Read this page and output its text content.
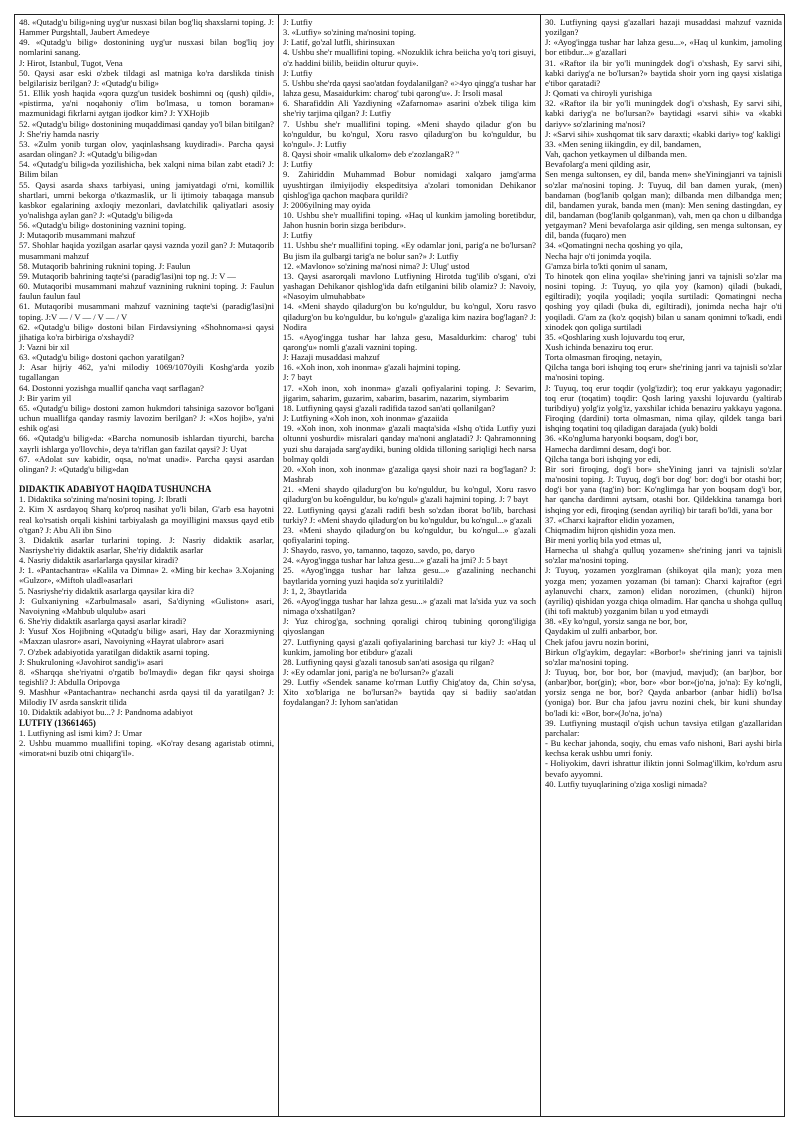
48. «Qutadg'u bilig»ning uyg'ur nusxasi bilan bog'liq shaxslarni toping. J: Hammer Purgshtall, Jaubert Amedeye

49. «Qutadg'u bilig» dostonining uyg'ur nusxasi bilan bog'liq joy nomlarini sanang.

J: Hirot, Istanbul, Tugot, Vena

50. Qaysi asar eski o'zbek tildagi asl matniga ko'ra darslikda tinish belgilarisiz berilgan? J: «Qutadg'u bilig»

51. Ellik yosh haqida «qora quzg'un tusidek boshimni oq (qush) qildi», «pistirma, ya'ni noqahoniy o'lim bo'lmasa, u tomon boraman» mazmunidagi fikrlarni aytgan ijodkor kim? J: YXHojib

52. «Qutadg'u bilig» dostonining muqaddimasi qanday yo'l bilan bitilgan? J: She'riy hamda nasriy

53. «Zulm yonib turgan olov, yaqinlashsang kuydiradi». Parcha qaysi asardan olingan? J: «Qutadg'u bilig»dan

54. «Qutadg'u bilig»da yozilishicha, bek xalqni nima bilan zabt etadi? J: Bilim bilan

55. Qaysi asarda shaxs tarbiyasi, uning jamiyatdagi o'rni, komillik shartlari, umrni bekorga o'tkazmaslik, ur li ijtimoiy tabaqaga mansub kasbkor egalarining axloqiy mezonlari, davlatchilik qaliyatlari asosiy yo'nalishga aylan gan? J: «Qutadg'u bilig»da

56. «Qutadg'u bilig» dostonining vaznini toping.

J: Mutaqorib musammani mahzuf

57. Shohlar haqida yozilgan asarlar qaysi vaznda yozil gan? J: Mutaqorib musammani mahzuf

58. Mutaqorib bahrining ruknini toping. J: Faulun

59. Mutaqorib bahrining taqte'si (paradig'lasi)ni top ng. J: V —

60. Mutaqoribi musammani mahzuf vaznining ruknini toping. J: Faulun faulun faulun faul

61. Mutaqoribi musammani mahzuf vaznining taqte'si (paradig'lasi)ni toping. J:V — / V — / V — / V

62. «Qutadg'u bilig» dostoni bilan Firdavsiyning «Shohnoma»si qaysi jihatiga ko'ra birbiriga o'xshaydi?

J: Vazni bir xil

63. «Qutadg'u bilig» dostoni qachon yaratilgan?

J: Asar hijriy 462, ya'ni milodiy 1069/1070yili Koshg'arda yozib tugallangan

64. Dostonni yozishga muallif qancha vaqt sarflagan?

J: Bir yarim yil

65. «Qutadg'u bilig» dostoni zamon hukmdori tahsiniga sazovor bo'lgani uchun muallifga qanday rasmiy lavozim berilgan? J: «Xos hojib», ya'ni eshik og'asi

66. «Qutadg'u bilig»da: «Barcha nomunosib ishlardan tiyurchi, barcha xayrli ishlarga yo'llovchi», deya ta'riflan gan fazilat qaysi? J: Uyat

67. «Adolat suv kabidir, oqsa, no'mat unadi». Parcha qaysi asardan olingan? J: «Qutadg'u bilig»dan

DIDAKTIK ADABIYOT HAQIDA TUSHUNCHA

1. Didaktika so'zining ma'nosini toping. J: Ibratli

2. Kim X asrdayoq Sharq ko'proq nasihat yo'li bilan, G'arb esa hayotni real ko'rsatish orqali kishini tarbiyalash ga moyilligini maxsus qayd etib o'tgan? J: Abu Ali ibn Sino

3. Didaktik asarlar turlarini toping. J: Nasriy didaktik asarlar, Nasriyshe'riy didaktik asarlar, She'riy didaktik asarlar

4. Nasriy didaktik asarlarlarga qaysilar kiradi?

J: 1. «Pantachantra» «Kalila va Dimna» 2. «Ming bir kecha» 3.Xojaning «Gulzor», «Miftoh uladl»asarlari

5. Nasriyshe'riy didaktik asarlarga qaysilar kira di?

J: Gulxaniyning «Zarbulmasal» asari, Sa'diyning «Guliston» asari, Navoiyning «Mahbub ulqulub» asari

6. She'riy didaktik asarlarga qaysi asarlar kiradi?

J: Yusuf Xos Hojibning «Qutadg'u bilig» asari, Hay dar Xorazmiyning «Maxzan ulasror» asari, Navoiyning «Hayrat ulabror» asari

7. O'zbek adabiyotida yaratilgan didaktik asarni toping.

J: Shukruloning «Javohirot sandig'i» asari

8. «Sharqqa she'riyatni o'rgatib bo'lmaydi» degan fikr qaysi shoirga tegishli? J: Abdulla Oripovga

9. Mashhur «Pantachantra» nechanchi asrda qaysi til da yaratilgan? J: Milodiy IV asrda sanskrit tilida

10. Didaktik adabiyot bu...? J: Pandnoma adabiyot

LUTFIY (13661465)

1. Lutfiyning asl ismi kim? J: Umar

2. Ushbu muammo muallifini toping. «Ko'ray desang agaristab otimni, «imorat»ni buzib otni chiqarg'il».

J: Lutfiy

3. «Lutfiy» so'zining ma'nosini toping.

J: Latif, go'zal lutfli, shirinsuxan

4. Ushbu she'r muallifini toping. «Nozuklik ichra beiicha yo'q tori gisuyi, o'z haddini biilib, beiidin olturur quyi».

J: Lutfiy

5. Ushbu she'rda qaysi sao'atdan foydalanilgan? «>4yo qingg'a tushar har lahza gesu, Masaidurkim: charog' tubi qarong'u». J: Irsoli masal

6. Sharafiddin Ali Yazdiyning «Zafarnoma» asarini o'zbek tiliga kim she'riy tarjima qilgan? J: Lutfiy

7. Ushbu she'r muallifini toping. «Meni shaydo qiladur g'on bu ko'nguldur, bu ko'ngul, Xoru rasvo qiladurg'on bu ko'nguldur, bu ko'ngul». J: Lutfiy

8. Qaysi shoir «malik ulkalom» deb e'zozlangaR? "

J: Lutfiy

9. Zahiriddin Muhammad Bobur nomidagi xalqaro jamg'arma uyushtirgan ilmiyijodiy ekspeditsiya a'zolari tomonidan Dehikanor qishlog'iga qachon maqbara qurildi?

J: 2006yilning may oyida

10. Ushbu she'r muallifini toping. «Haq ul kunkim jamoling boretibdur, Jahon husnin borin sizga beribdur».

J: Lutfiy

11. Ushbu she'r muallifini toping. «Ey odamlar joni, parig'a ne bo'lursan? Bu jism ila gulbargi tarig'a ne bolur san?» J: Lutfiy

12. «Mavlono» so'zining ma'nosi nima? J: Ulug' ustod

13. Qaysi asarorqali mavlono Lutfiyning Hirotda tug'ilib o'sgani, o'zi yashagan Dehikanor qishlog'ida dafn etilganini bilib olamiz? J: Navoiy, «Nasoyim ulmuhabbat»

14. «Meni shaydo qiladurg'on bu ko'nguldur, bu ko'ngul, Xoru rasvo qiladurg'on bu ko'nguldur, bu ko'ngul» g'azaliga kim nazira bog'lagan? J: Nodira

15. «Ayog'ingga tushar har lahza gesu, Masaldurkim: charog' tubi qarong'u» nomli g'azali vaznini toping.

J: Hazaji musaddasi mahzuf

16. «Xoh inon, xoh inonma» g'azali hajmini toping.

J: 7 bayt

17. «Xoh inon, xoh inonma» g'azali qofiyalarini toping. J: Sevarim, jigarim, saharim, guzarim, xabarim, basarim, nazarim, siymbarim

18. Lutfiyning qaysi g'azali radifida tazod san'ati qollanilgan?

J: Lutfiyning «Xoh inon, xoh inonma» g'azaiida

19. «Xoh inon, xoh inonma» g'azali maqta'sida «Ishq o'tida Lutfiy yuzi oltunni yoshurdi» misralari qanday ma'noni anglatadi? J: Qahramonning yuzi shu darajada sarg'aydiki, buning oldida tilloning sariqligi hech narsa bolmay qoldi

20. «Xoh inon, xoh inonma» g'azaliga qaysi shoir nazi ra bog'lagan? J: Mashrab

21. «Meni shaydo qiladurg'on bu ko'nguldur, bu ko'ngul, Xoru rasvo qiladurg'on bu koĕnguldur, bu ko'ngul» g'azali hajmini toping. J: 7 bayt

22. Lutfiyning qaysi g'azali radifi besh so'zdan iborat bo'lib, barchasi turkiy? J: «Meni shaydo qiladurg'on bu ko'nguldur, bu ko'ngul...» g'azali

23. «Meni shaydo qiladurg'on bu ko'nguldur, bu ko'ngul...» g'azali qofiyalarini toping.

J: Shaydo, rasvo, yo, tamanno, taqozo, savdo, po, daryo

24. «Ayog'ingga tushar har lahza gesu...» g'azali ha jmi? J: 5 bayt

25. «Ayog'ingga tushar har lahza gesu...» g'azalining nechanchi baytlarida yorning yuzi haqida so'z yuritilaldi?

J: 1, 2, 3baytlarida

26. «Ayog'ingga tushar har lahza gesu...» g'azali mat la'sida yuz va soch nimaga o'xshatilgan?

J: Yuz chirog'ga, sochning qoraligi chiroq tubining qorong'iligiga qiyoslangan

27. Lutfiyning qaysi g'azali qofiyalarining barchasi tur kiy? J: «Haq ul kunkim, jamoling bor etibdur» g'azali

28. Lutfiyning qaysi g'azali tanosub san'ati asosiga qu rilgan?

J: «Ey odamlar joni, parig'a ne bo'lursan?» g'azali

29. Lutfiy «Sendek saname ko'rman Lutfiy Chig'atoy da, Chin so'ysa, Xito xo'blariga ne bo'lursan?» baytida qay si badiiy sao'atdan foydalangan? J: Iyhom san'atidan

30. Lutfiyning qaysi g'azallari hazaji musaddasi mahzuf vaznida yozilgan?

J: «Ayog'ingga tushar har lahza gesu...», «Haq ul kunkim, jamoling bor etibdur...» g'azallari

31. «Raftor ila bir yo'li muningdek dog'i o'xshash, Ey sarvi sihi, kabki dariyg'a ne bo'lursan?» baytida shoir yorn ing qaysi xislatiga e'tibor qaratadi?

J: Qomati va chiroyli yurishiga

32. «Raftor ila bir yo'li muningdek dog'i o'xshash, Ey sarvi sihi, kabki dariyg'a ne bo'lursan?» baytidagi «sarvi sihi» va «kabki dariyv» so'zlarining ma'nosi?

J: «Sarvi sihi» xushqomat tik sarv daraxti; «kabki dariy» tog' kakligi

33. «Men sening iikingdin, ey dil, bandamen,

Vah, qachon yetkaymen ul dilbanda men.

Bevafolarg'a meni qilding asir,

Sen menga sultonsen, ey dil, banda men» sheYiningjanri va tajnisli so'zlar ma'nosini toping. J: Tuyuq, dil ban damen yurak, (men) bandaman (bog'lanib qolgan man); dilbanda men dilbandga men; dil, bandamen yurak, banda men (man): Men sening dastingdan, ey dil, bandaman (bog'lanib qolganman), vah, men qa chon u dilbandga yetgayman? Meni bevafolarga asir qilding, sen menga sultonsan, ey dil, banda (fuqaro) men

34. «Qomatingni necha qoshing yo qila,

Necha hajr o'ti jonimda yoqila.

G'amza birla to'kti qonim ul sanam,

To hinotek qon elina yoqila» she'rining janri va tajnisli so'zlar ma nosini toping. J: Tuyuq, yo qila yoy (kamon) qiladi (bukadi, egiltiradi); yoqila yoqiladi; yoqila surtiladi: Qomatingni necha qoshing yoy qiladi (buka di, egiltiradi), jonimda necha hajr o'ti yoqiladi. G'am za (ko'z qoqish) bilan u sanam qonimni to'kadi, endi xinodek qon qoliga surtiladi

35. «Qoshlaring xush lojuvardu toq erur,

Xush ichinda benaziru toq erur.

Torta olmasman firoqing, netayin,

Qilcha tanga bori ishqing toq erur» she'rining janri va tajnisli so'zlar ma'nosini toping.

J: Tuyuq, toq erur toqdir (yolg'izdir); toq erur yakkayu yagonadir; toq erur (toqatim) toqdir: Qosh laring yaxshi lojuvardu (yaltirab turibdiyu) yolg'iz yolg'iz, yaxshilar ichida benaziru yakkayu yagona. Firoqing (dardini) torta olmasman, nima qilay, qildek tanga bari ishqing toqatini toq qiladigan darajada (yuk) boldi

36. «Ko'ngluma haryonki boqsam, dog'i bor,

Hamecha dardimni desam, dog'i bor.

Qilcha tanga bori ishqing yor edi,

Bir sori firoqing, dog'i bor» sheYining janri va tajnisli so'zlar ma'nosini toping. J: Tuyuq, dog'i bor dog' bor: dog'i bor otashi bor; dog'i bor yana (tag'in) bor: Ko'nglimga har yon boqsam dog'i bor, har qancha dardimni aytsam, otashi bor. Qildekkina tanamga bori ishqing yor edi, firoqing (sendan ayriliq) bir tarafi bo'ldi, yana bor

37. «Charxi kajraftor elidin yozamen,

Chiqmadim hijron qishidin yoza men.

Bir meni yorliq bila yod etmas ul,

Harnecha ul shahg'a qulluq yozamen» she'rining janri va tajnisli so'zlar ma'nosini toping.

J: Tuyuq, yozamen yozglraman (shikoyat qila man); yoza men yozga men; yozamen yozaman (bi taman): Charxi kajraftor (egri aylanuvchi charx, zamon) elidan norozimen, (chunki) hijron (ayriliq) qishidan yozga chiqa olmadim. Har qancha u shohga qulluq (ihi tofi maktub) yozganim bilan u yod etmaydi

38. «Ey ko'ngul, yorsiz sanga ne bor, bor,

Qaydakim ul zulfi anbarbor, bor.

Chek jafou javru nozin borini,

Birkun o'lg'aykim, degaylar: «Borbor!» she'rining janri va tajnisli so'zlar ma'nosini toping.

J: Tuyuq, bor, bor bor, bor (mavjud, mavjud); (an bar)bor, bor (anbar)bor, bor(gin); «bor, bor» «bor bor»(jo'na, jo'na): Ey ko'ngli, yorsiz senga ne bor, bor? Qayda anbarbor (anbar hidli) bo'lsa (yoniga) bor. Bur cha jafou javru nozini chek, bir kuni shunday bo'ladi ki: «Bor, bor»(Jo'na, jo'na)

39. Lutfiyning mustaqil o'qish uchun tavsiya etilgan g'azallaridan parchalar:

- Bu kechar jahonda, soqiy, chu emas vafo nishoni, Bari ayshi birla kechsa kerak ushbu umri foniy.

- Holiyokim, davri ishrattur iliktin jonni Solmag'ilkim, ko'rdum asru bevafo ayyomni.

40. Lutfiy tuyuqlarining o'ziga xosligi nimada?
